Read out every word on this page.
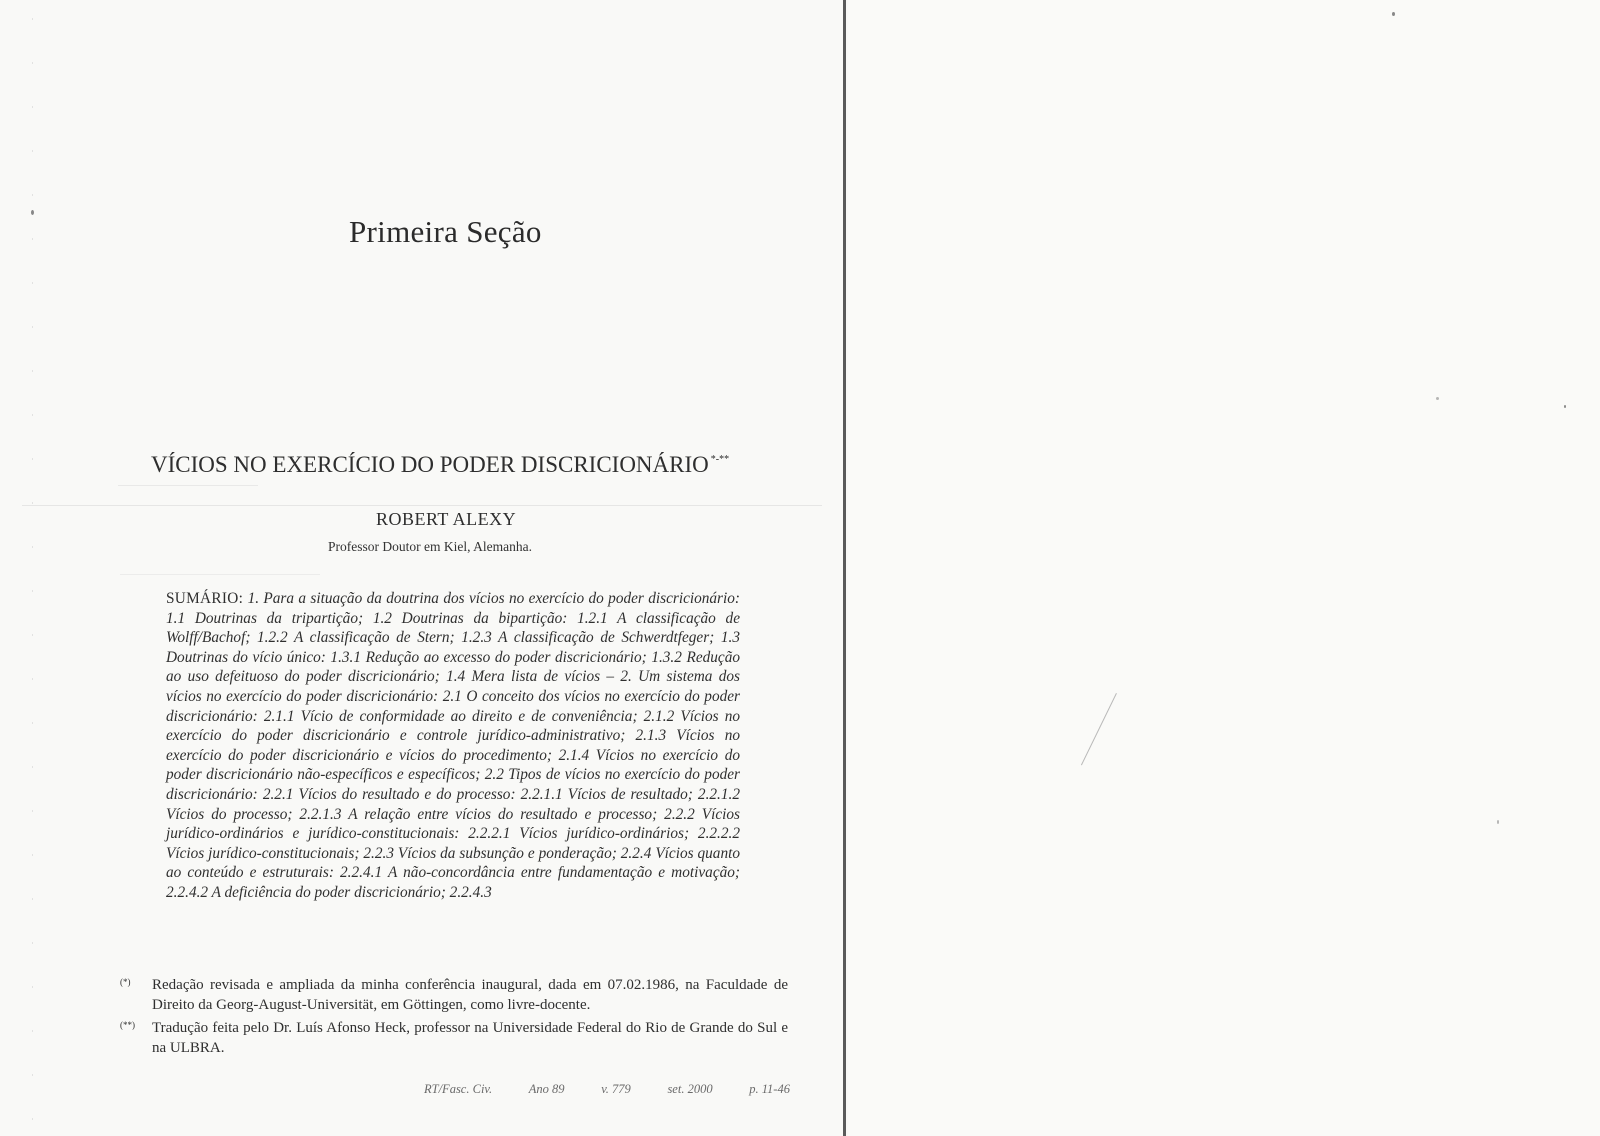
Primeira Seção
VÍCIOS NO EXERCÍCIO DO PODER DISCRICIONÁRIO *-**
ROBERT ALEXY
Professor Doutor em Kiel, Alemanha.
SUMÁRIO: 1. Para a situação da doutrina dos vícios no exercício do poder discricionário: 1.1 Doutrinas da tripartição; 1.2 Doutrinas da bipartição: 1.2.1 A classificação de Wolff/Bachof; 1.2.2 A classificação de Stern; 1.2.3 A classificação de Schwerdtfeger; 1.3 Doutrinas do vício único: 1.3.1 Redução ao excesso do poder discricionário; 1.3.2 Redução ao uso defeituoso do poder discricionário; 1.4 Mera lista de vícios – 2. Um sistema dos vícios no exercício do poder discricionário: 2.1 O conceito dos vícios no exercício do poder discricionário: 2.1.1 Vício de conformidade ao direito e de conveniência; 2.1.2 Vícios no exercício do poder discricionário e controle jurídico-administrativo; 2.1.3 Vícios no exercício do poder discricionário e vícios do procedimento; 2.1.4 Vícios no exercício do poder discricionário não-específicos e específicos; 2.2 Tipos de vícios no exercício do poder discricionário: 2.2.1 Vícios do resultado e do processo: 2.2.1.1 Vícios de resultado; 2.2.1.2 Vícios do processo; 2.2.1.3 A relação entre vícios do resultado e processo; 2.2.2 Vícios jurídico-ordinários e jurídico-constitucionais: 2.2.2.1 Vícios jurídico-ordinários; 2.2.2.2 Vícios jurídico-constitucionais; 2.2.3 Vícios da subsunção e ponderação; 2.2.4 Vícios quanto ao conteúdo e estruturais: 2.2.4.1 A não-concordância entre fundamentação e motivação; 2.2.4.2 A deficiência do poder discricionário; 2.2.4.3
(*) Redação revisada e ampliada da minha conferência inaugural, dada em 07.02.1986, na Faculdade de Direito da Georg-August-Universität, em Göttingen, como livre-docente.
(**) Tradução feita pelo Dr. Luís Afonso Heck, professor na Universidade Federal do Rio de Grande do Sul e na ULBRA.
RT/Fasc. Civ.	Ano 89	v. 779	set. 2000	p. 11-46
